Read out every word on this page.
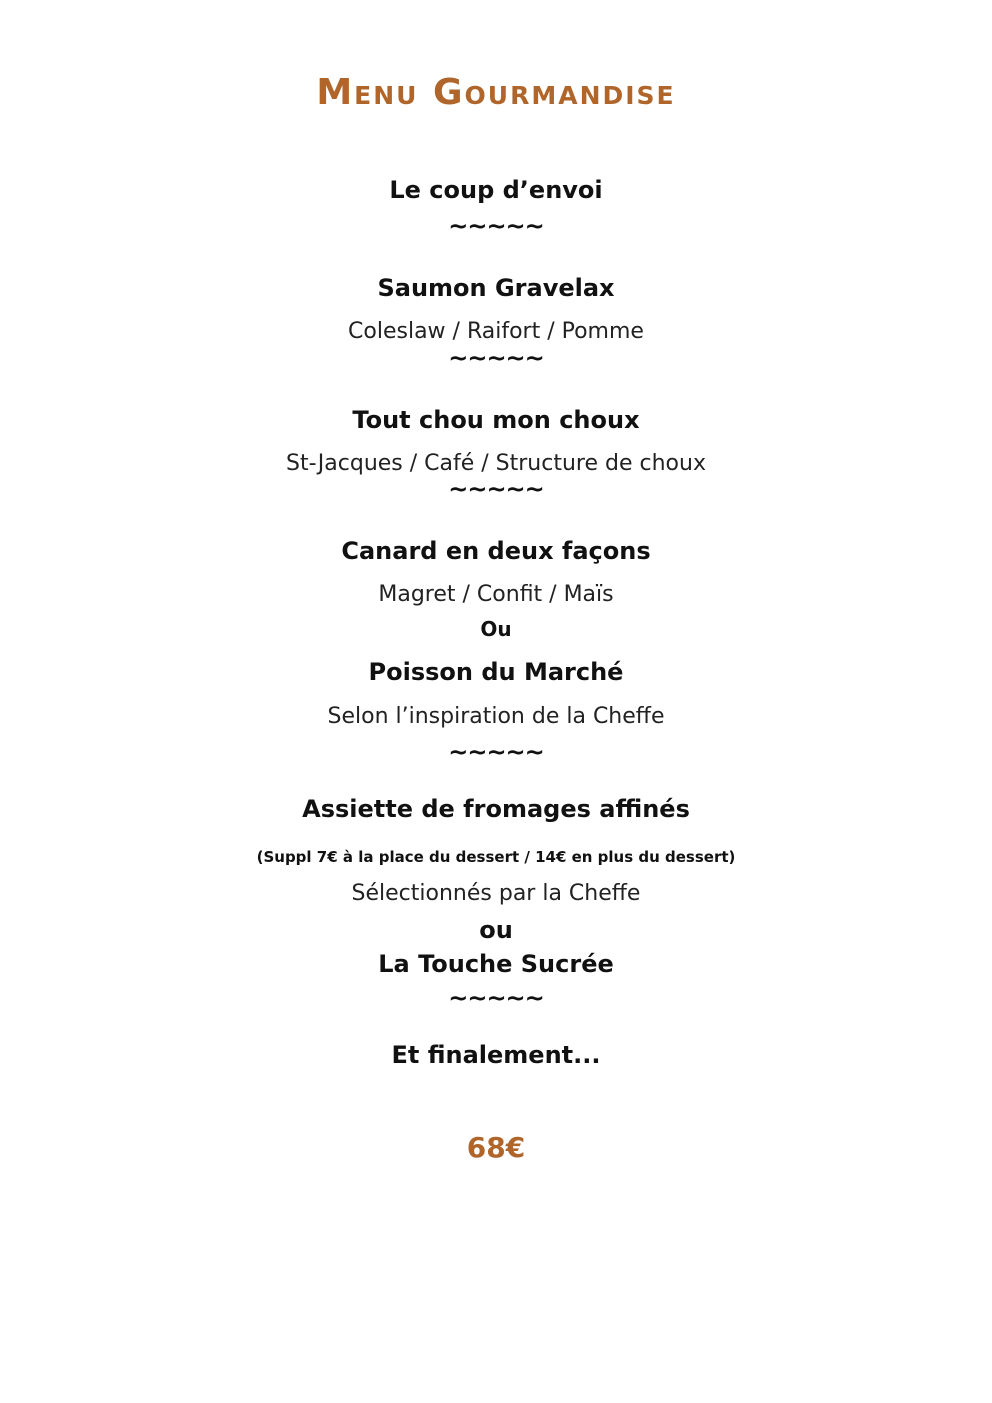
Menu Gourmandise
Le coup d’envoi
~~~~~
Saumon Gravelax
Coleslaw / Raifort / Pomme
~~~~~
Tout chou mon choux
St-Jacques / Café / Structure de choux
~~~~~
Canard en deux façons
Magret / Confit / Maïs
Ou
Poisson du Marché
Selon l’inspiration de la Cheffe
~~~~~
Assiette de fromages affinés
(Suppl 7€ à la place du dessert / 14€ en plus du dessert)
Sélectionnés par la Cheffe
ou
La Touche Sucrée
~~~~~
Et finalement...
68€
